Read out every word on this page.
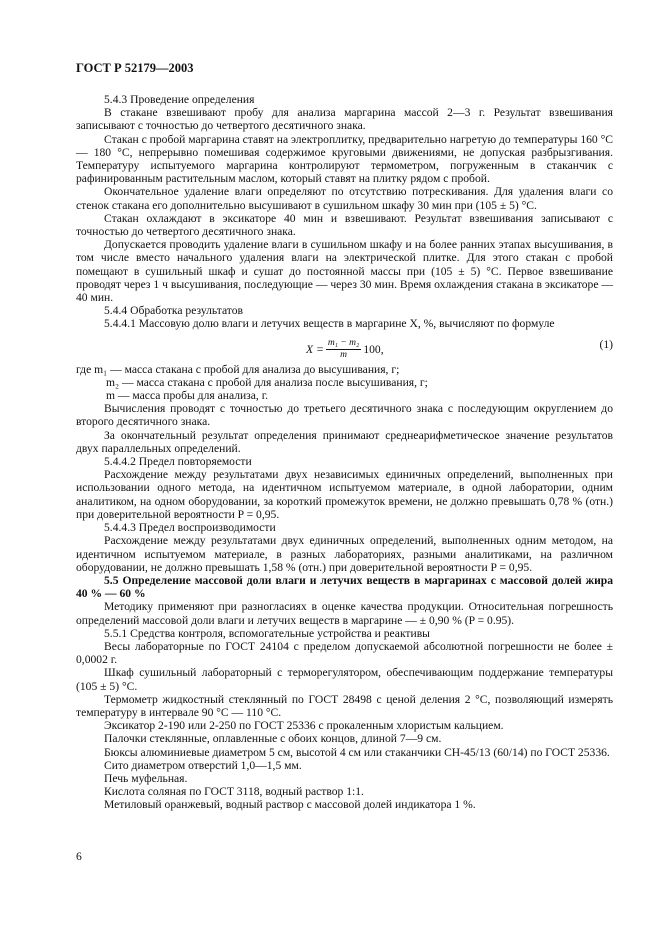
ГОСТ Р 52179—2003

5.4.3 Проведение определения

В стакане взвешивают пробу для анализа маргарина массой 2—3 г. Результат взвешивания записывают с точностью до четвертого десятичного знака.

Стакан с пробой маргарина ставят на электроплитку, предварительно нагретую до температуры 160 °С — 180 °С, непрерывно помешивая содержимое круговыми движениями, не допуская разбрызгивания. Температуру испытуемого маргарина контролируют термометром, погруженным в стаканчик с рафинированным растительным маслом, который ставят на плитку рядом с пробой.

Окончательное удаление влаги определяют по отсутствию потрескивания. Для удаления влаги со стенок стакана его дополнительно высушивают в сушильном шкафу 30 мин при (105 ± 5) °С.

Стакан охлаждают в эксикаторе 40 мин и взвешивают. Результат взвешивания записывают с точностью до четвертого десятичного знака.

Допускается проводить удаление влаги в сушильном шкафу и на более ранних этапах высушивания, в том числе вместо начального удаления влаги на электрической плитке. Для этого стакан с пробой помещают в сушильный шкаф и сушат до постоянной массы при (105 ± 5) °С. Первое взвешивание проводят через 1 ч высушивания, последующие — через 30 мин. Время охлаждения стакана в эксикаторе — 40 мин.

5.4.4 Обработка результатов

5.4.4.1 Массовую долю влаги и летучих веществ в маргарине X, %, вычисляют по формуле

$X = \frac{\text{m₁ − m₂}}{m} 100$,	(1)

где m₁ — масса стакана с пробой для анализа до высушивания, г;

m₂ — масса стакана с пробой для анализа после высушивания, г;

m — масса пробы для анализа, г.

Вычисления проводят с точностью до третьего десятичного знака с последующим округлением до второго десятичного знака.

За окончательный результат определения принимают среднеарифметическое значение результатов двух параллельных определений.

5.4.4.2 Предел повторяемости

Расхождение между результатами двух независимых единичных определений, выполненных при использовании одного метода, на идентичном испытуемом материале, в одной лаборатории, одним аналитиком, на одном оборудовании, за короткий промежуток времени, не должно превышать 0,78 % (отн.) при доверительной вероятности P = 0,95.

5.4.4.3 Предел воспроизводимости

Расхождение между результатами двух единичных определений, выполненных одним методом, на идентичном испытуемом материале, в разных лабораториях, разными аналитиками, на различном оборудовании, не должно превышать 1,58 % (отн.) при доверительной вероятности P = 0,95.

5.5 Определение массовой доли влаги и летучих веществ в маргаринах с массовой долей жира 40 % — 60 %

Методику применяют при разногласиях в оценке качества продукции. Относительная погрешность определений массовой доли влаги и летучих веществ в маргарине — ± 0,90 % (P = 0.95).

5.5.1 Средства контроля, вспомогательные устройства и реактивы

Весы лабораторные по ГОСТ 24104 с пределом допускаемой абсолютной погрешности не более ± 0,0002 г.

Шкаф сушильный лабораторный с терморегулятором, обеспечивающим поддержание температуры (105 ± 5) °С.

Термометр жидкостный стеклянный по ГОСТ 28498 с ценой деления 2 °С, позволяющий измерять температуру в интервале 90 °С — 110 °С.

Эксикатор 2-190 или 2-250 по ГОСТ 25336 с прокаленным хлористым кальцием.

Палочки стеклянные, оплавленные с обоих концов, длиной 7—9 см.

Бюксы алюминиевые диаметром 5 см, высотой 4 см или стаканчики СН-45/13 (60/14) по ГОСТ 25336.

Сито диаметром отверстий 1,0—1,5 мм.

Печь муфельная.

Кислота соляная по ГОСТ 3118, водный раствор 1:1.

Метиловый оранжевый, водный раствор с массовой долей индикатора 1 %.

6
